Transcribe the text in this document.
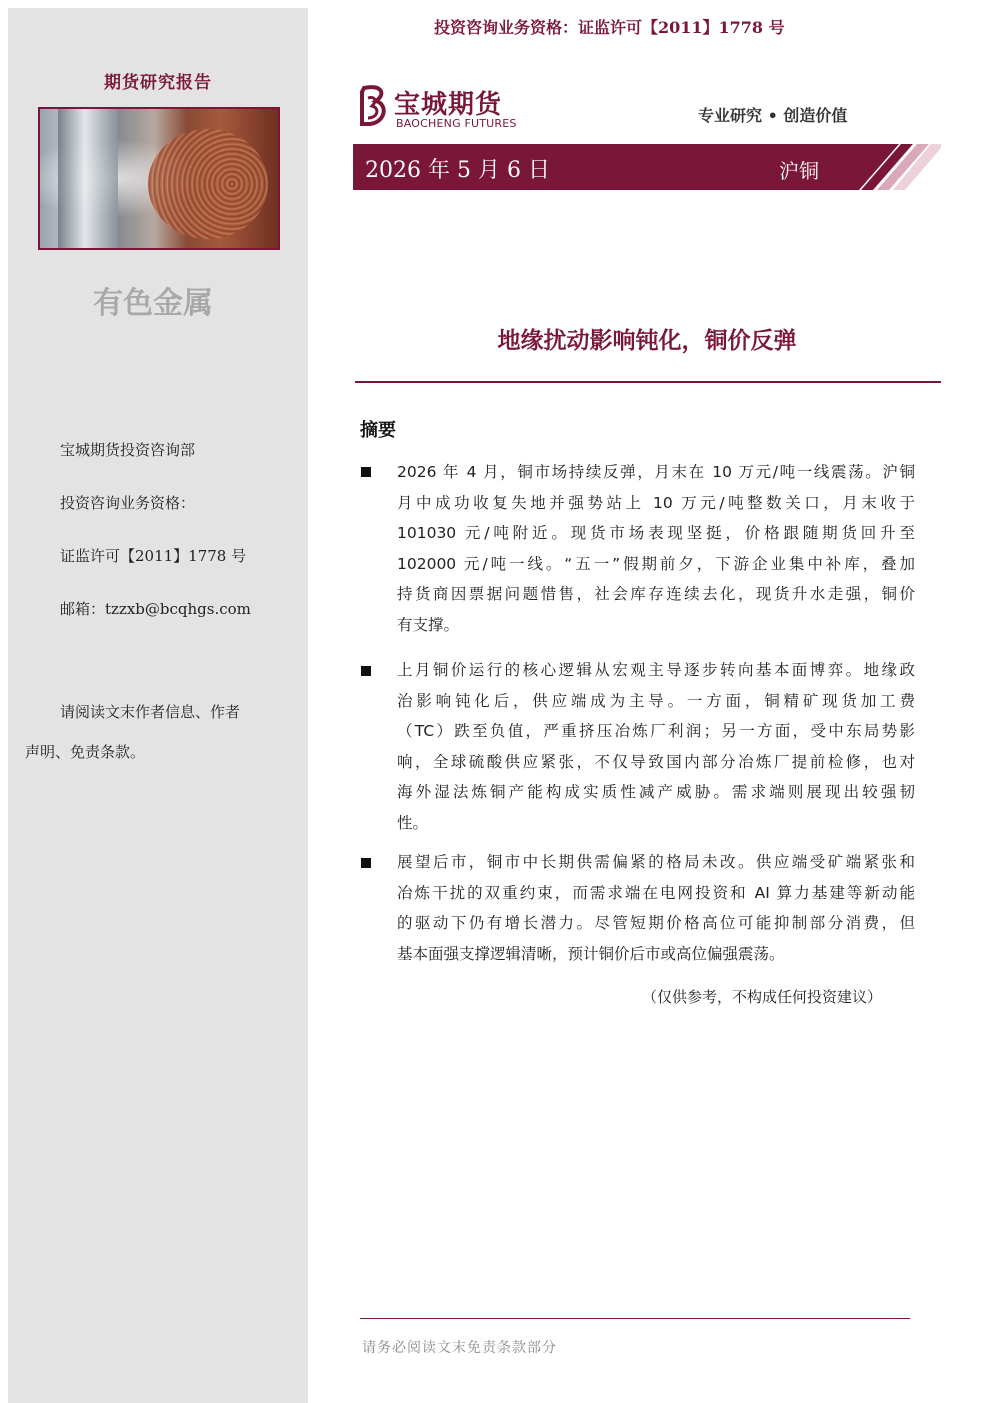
期货研究报告
有色金属
宝城期货投资咨询部
投资咨询业务资格：
证监许可【2011】1778 号
邮箱：tzzxb@bcqhgs.com
请阅读文末作者信息、作者
声明、免责条款。
投资咨询业务资格：证监许可【2011】1778 号
宝城期货
BAOCHENG FUTURES	专业研究 • 创造价值
2026 年 5 月 6 日	沪铜
地缘扰动影响钝化，铜价反弹
摘要
2026 年 4 月，铜市场持续反弹，月末在 10 万元/吨一线震荡。沪铜
月中成功收复失地并强势站上 10 万元/吨整数关口，月末收于
101030 元/吨附近。现货市场表现坚挺，价格跟随期货回升至
102000 元/吨一线。“五一”假期前夕，下游企业集中补库，叠加
持货商因票据问题惜售，社会库存连续去化，现货升水走强，铜价
有支撑。
上月铜价运行的核心逻辑从宏观主导逐步转向基本面博弈。地缘政
治影响钝化后，供应端成为主导。一方面，铜精矿现货加工费
（TC）跌至负值，严重挤压冶炼厂利润；另一方面，受中东局势影
响，全球硫酸供应紧张，不仅导致国内部分冶炼厂提前检修，也对
海外湿法炼铜产能构成实质性减产威胁。需求端则展现出较强韧
性。
展望后市，铜市中长期供需偏紧的格局未改。供应端受矿端紧张和
冶炼干扰的双重约束，而需求端在电网投资和 AI 算力基建等新动能
的驱动下仍有增长潜力。尽管短期价格高位可能抑制部分消费，但
基本面强支撑逻辑清晰，预计铜价后市或高位偏强震荡。
（仅供参考，不构成任何投资建议）
请务必阅读文末免责条款部分
